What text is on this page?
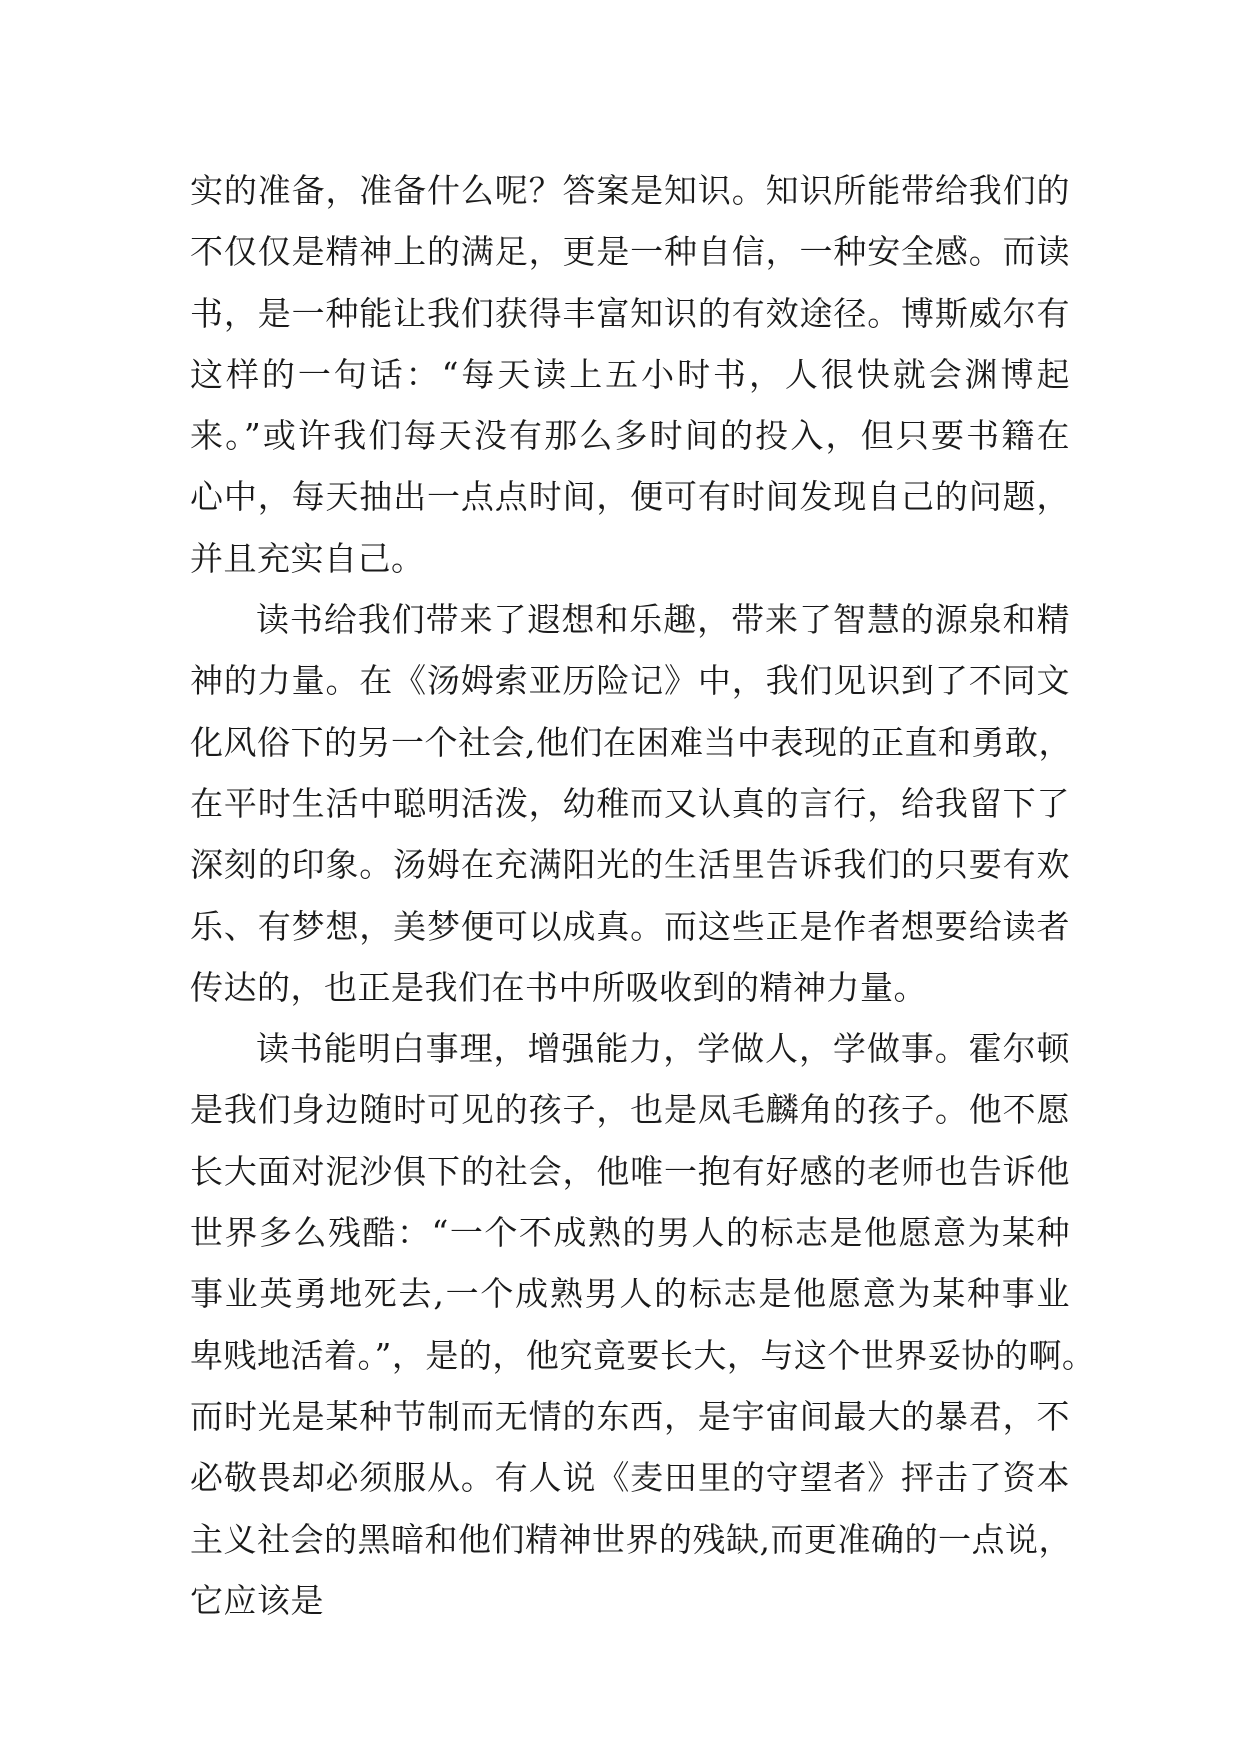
实的准备，准备什么呢？答案是知识。知识所能带给我们的
不仅仅是精神上的满足，更是一种自信，一种安全感。而读
书，是一种能让我们获得丰富知识的有效途径。博斯威尔有
这样的一句话：“每天读上五小时书，人很快就会渊博起
来。”或许我们每天没有那么多时间的投入，但只要书籍在
心中，每天抽出一点点时间，便可有时间发现自己的问题，
并且充实自己。
读书给我们带来了遐想和乐趣，带来了智慧的源泉和精
神的力量。在《汤姆索亚历险记》中，我们见识到了不同文
化风俗下的另一个社会,他们在困难当中表现的正直和勇敢，
在平时生活中聪明活泼，幼稚而又认真的言行，给我留下了
深刻的印象。汤姆在充满阳光的生活里告诉我们的只要有欢
乐、有梦想，美梦便可以成真。而这些正是作者想要给读者
传达的，也正是我们在书中所吸收到的精神力量。
读书能明白事理，增强能力，学做人，学做事。霍尔顿
是我们身边随时可见的孩子，也是凤毛麟角的孩子。他不愿
长大面对泥沙俱下的社会，他唯一抱有好感的老师也告诉他
世界多么残酷：“一个不成熟的男人的标志是他愿意为某种
事业英勇地死去,一个成熟男人的标志是他愿意为某种事业
卑贱地活着。”，是的，他究竟要长大，与这个世界妥协的啊。
而时光是某种节制而无情的东西，是宇宙间最大的暴君，不
必敬畏却必须服从。有人说《麦田里的守望者》抨击了资本
主义社会的黑暗和他们精神世界的残缺,而更准确的一点说，
它应该是
